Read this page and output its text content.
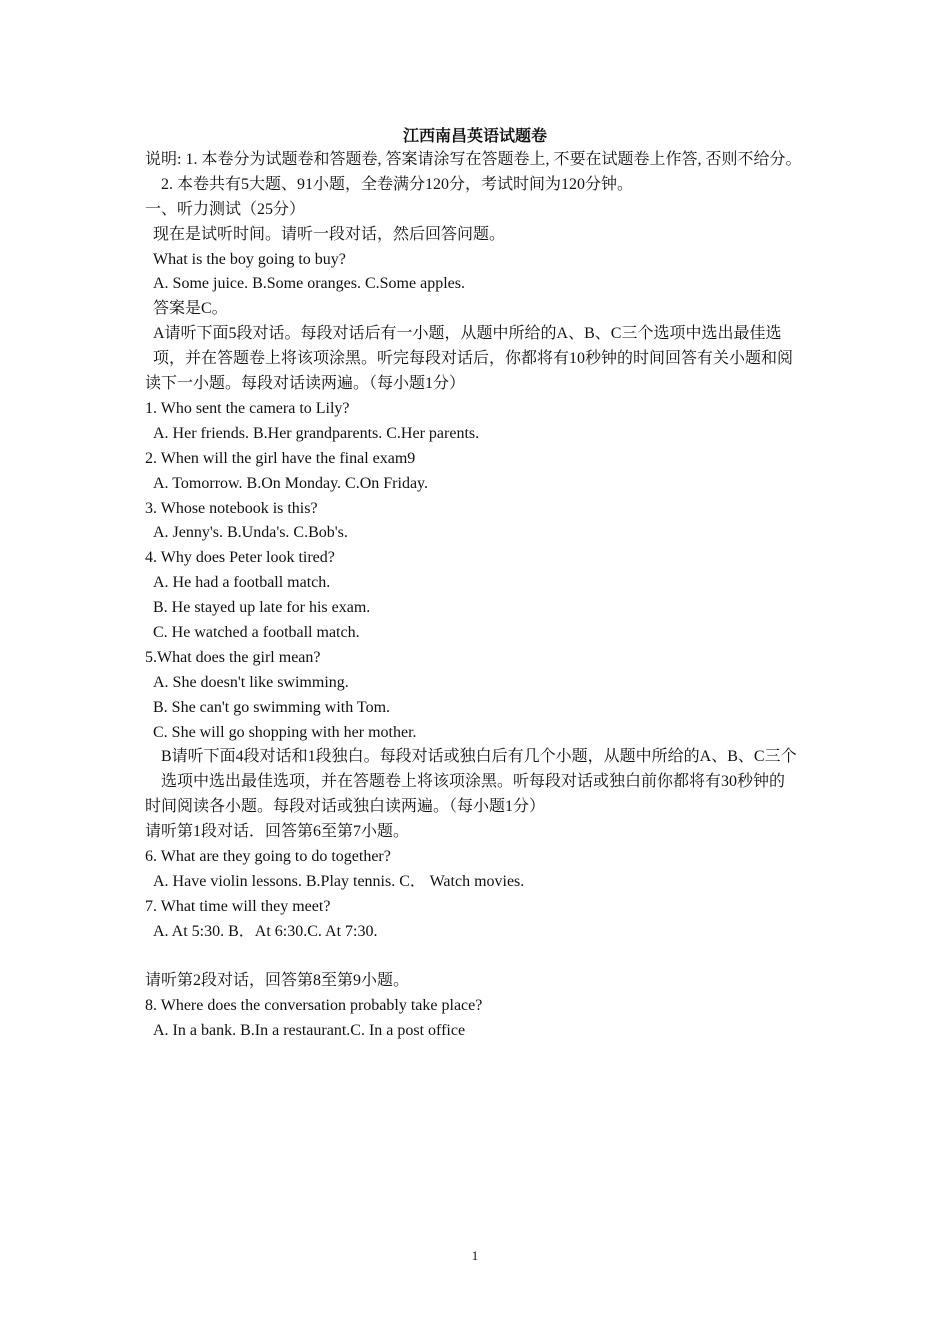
江西南昌英语试题卷
说明: 1. 本卷分为试题卷和答题卷, 答案请涂写在答题卷上, 不要在试题卷上作答, 否则不给分。
2. 本卷共有5大题、91小题，全卷满分120分，考试时间为120分钟。
一、听力测试（25分）
现在是试听时间。请听一段对话，然后回答问题。
What is the boy going to buy?
A. Some juice. B.Some oranges. C.Some apples.
答案是C。
A请听下面5段对话。每段对话后有一小题，从题中所给的A、B、C三个选项中选出最佳选项，并在答题卷上将该项涂黑。听完每段对话后，你都将有10秒钟的时间回答有关小题和阅
读下一小题。每段对话读两遍。（每小题1分）
1. Who sent the camera to Lily?
A. Her friends. B.Her grandparents. C.Her parents.
2. When will the girl have the final exam9
A. Tomorrow. B.On Monday. C.On Friday.
3. Whose notebook is this?
A. Jenny's. B.Unda's. C.Bob's.
4. Why does Peter look tired?
A. He had a football match.
B. He stayed up late for his exam.
C. He watched a football match.
5.What does the girl mean?
A. She doesn't like swimming.
B. She can't go swimming with Tom.
C. She will go shopping with her mother.
B请听下面4段对话和1段独白。每段对话或独白后有几个小题，从题中所给的A、B、C三个选项中选出最佳选项，并在答题卷上将该项涂黑。听每段对话或独白前你都将有30秒钟的
时间阅读各小题。每段对话或独白读两遍。（每小题1分）
请听第1段对话．回答第6至第7小题。
6. What are they going to do together?
A. Have violin lessons. B.Play tennis. C． Watch movies.
7. What time will they meet?
A. At 5:30. B．At 6:30.C. At 7:30.
请听第2段对话，回答第8至第9小题。
8. Where does the conversation probably take place?
A. In a bank. B.In a restaurant.C. In a post office
1
